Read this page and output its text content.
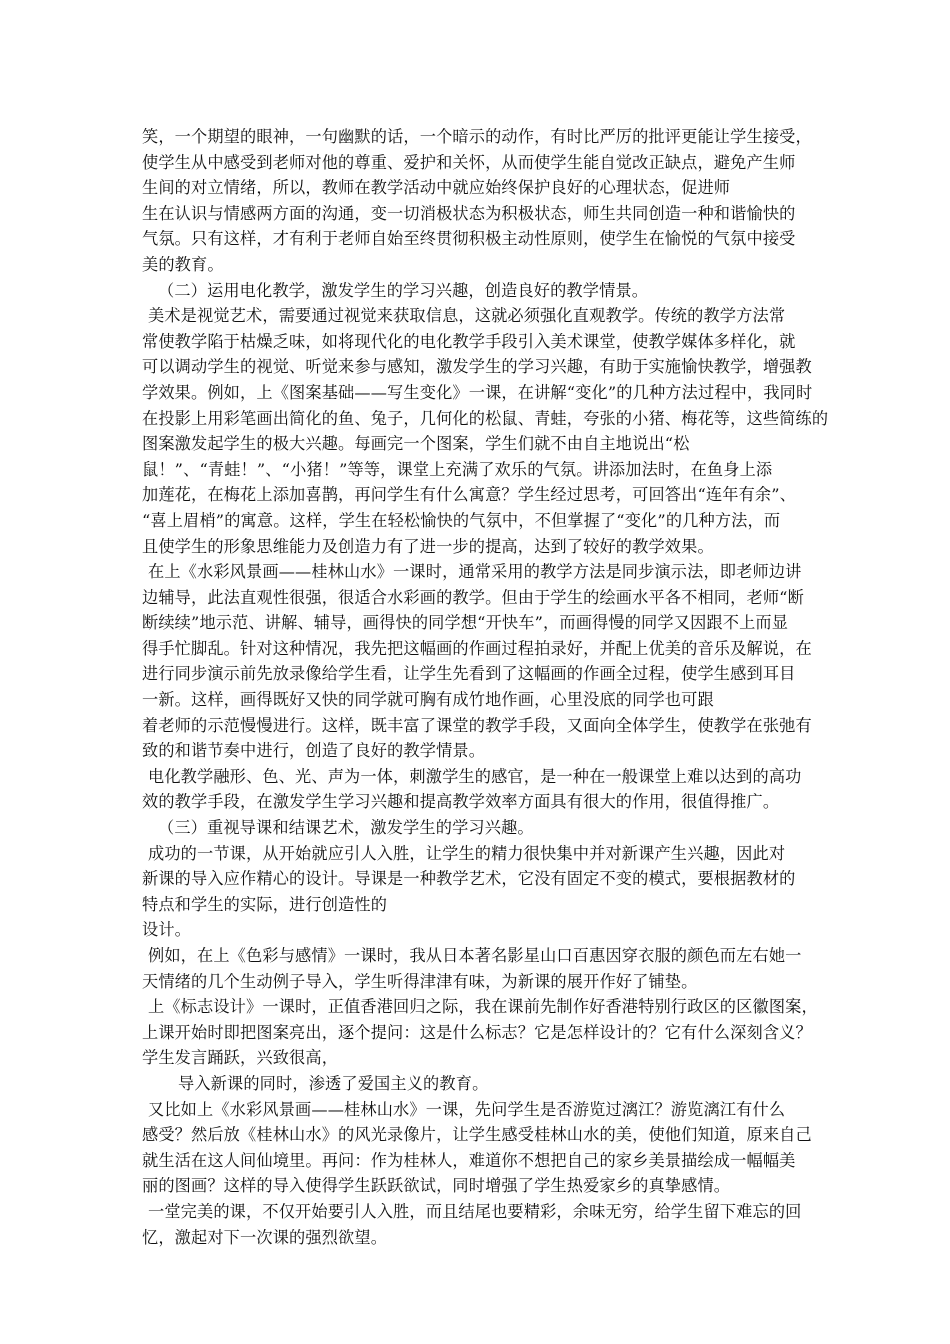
笑，一个期望的眼神，一句幽默的话，一个暗示的动作，有时比严厉的批评更能让学生接受，
使学生从中感受到老师对他的尊重、爱护和关怀，从而使学生能自觉改正缺点，避免产生师
生间的对立情绪，所以，教师在教学活动中就应始终保护良好的心理状态，促进师
生在认识与情感两方面的沟通，变一切消极状态为积极状态，师生共同创造一种和谐愉快的
气氛。只有这样，才有利于老师自始至终贯彻积极主动性原则，使学生在愉悦的气氛中接受
美的教育。
（二）运用电化教学，激发学生的学习兴趣，创造良好的教学情景。
美术是视觉艺术，需要通过视觉来获取信息，这就必须强化直观教学。传统的教学方法常
常使教学陷于枯燥乏味，如将现代化的电化教学手段引入美术课堂，使教学媒体多样化，就
可以调动学生的视觉、听觉来参与感知，激发学生的学习兴趣，有助于实施愉快教学，增强教
学效果。例如，上《图案基础——写生变化》一课，在讲解“变化”的几种方法过程中，我同时
在投影上用彩笔画出简化的鱼、兔子，几何化的松鼠、青蛙，夸张的小猪、梅花等，这些简练的
图案激发起学生的极大兴趣。每画完一个图案，学生们就不由自主地说出“松
鼠！”、“青蛙！”、“小猪！”等等，课堂上充满了欢乐的气氛。讲添加法时，在鱼身上添
加莲花，在梅花上添加喜鹊，再问学生有什么寓意？学生经过思考，可回答出“连年有余”、
“喜上眉梢”的寓意。这样，学生在轻松愉快的气氛中，不但掌握了“变化”的几种方法，而
且使学生的形象思维能力及创造力有了进一步的提高，达到了较好的教学效果。
在上《水彩风景画——桂林山水》一课时，通常采用的教学方法是同步演示法，即老师边讲
边辅导，此法直观性很强，很适合水彩画的教学。但由于学生的绘画水平各不相同，老师“断
断续续”地示范、讲解、辅导，画得快的同学想“开快车”，而画得慢的同学又因跟不上而显
得手忙脚乱。针对这种情况，我先把这幅画的作画过程拍录好，并配上优美的音乐及解说，在
进行同步演示前先放录像给学生看，让学生先看到了这幅画的作画全过程，使学生感到耳目
一新。这样，画得既好又快的同学就可胸有成竹地作画，心里没底的同学也可跟
着老师的示范慢慢进行。这样，既丰富了课堂的教学手段，又面向全体学生，使教学在张弛有
致的和谐节奏中进行，创造了良好的教学情景。
电化教学融形、色、光、声为一体，刺激学生的感官，是一种在一般课堂上难以达到的高功
效的教学手段，在激发学生学习兴趣和提高教学效率方面具有很大的作用，很值得推广。
（三）重视导课和结课艺术，激发学生的学习兴趣。
成功的一节课，从开始就应引人入胜，让学生的精力很快集中并对新课产生兴趣，因此对
新课的导入应作精心的设计。导课是一种教学艺术，它没有固定不变的模式，要根据教材的
特点和学生的实际，进行创造性的
设计。
例如，在上《色彩与感情》一课时，我从日本著名影星山口百惠因穿衣服的颜色而左右她一
天情绪的几个生动例子导入，学生听得津津有味，为新课的展开作好了铺垫。
上《标志设计》一课时，正值香港回归之际，我在课前先制作好香港特别行政区的区徽图案，
上课开始时即把图案亮出，逐个提问：这是什么标志？它是怎样设计的？它有什么深刻含义？
学生发言踊跃，兴致很高，
导入新课的同时，渗透了爱国主义的教育。
又比如上《水彩风景画——桂林山水》一课，先问学生是否游览过漓江？游览漓江有什么
感受？然后放《桂林山水》的风光录像片，让学生感受桂林山水的美，使他们知道，原来自己
就生活在这人间仙境里。再问：作为桂林人，难道你不想把自己的家乡美景描绘成一幅幅美
丽的图画？这样的导入使得学生跃跃欲试，同时增强了学生热爱家乡的真挚感情。
一堂完美的课，不仅开始要引人入胜，而且结尾也要精彩，余味无穷，给学生留下难忘的回
忆，激起对下一次课的强烈欲望。
